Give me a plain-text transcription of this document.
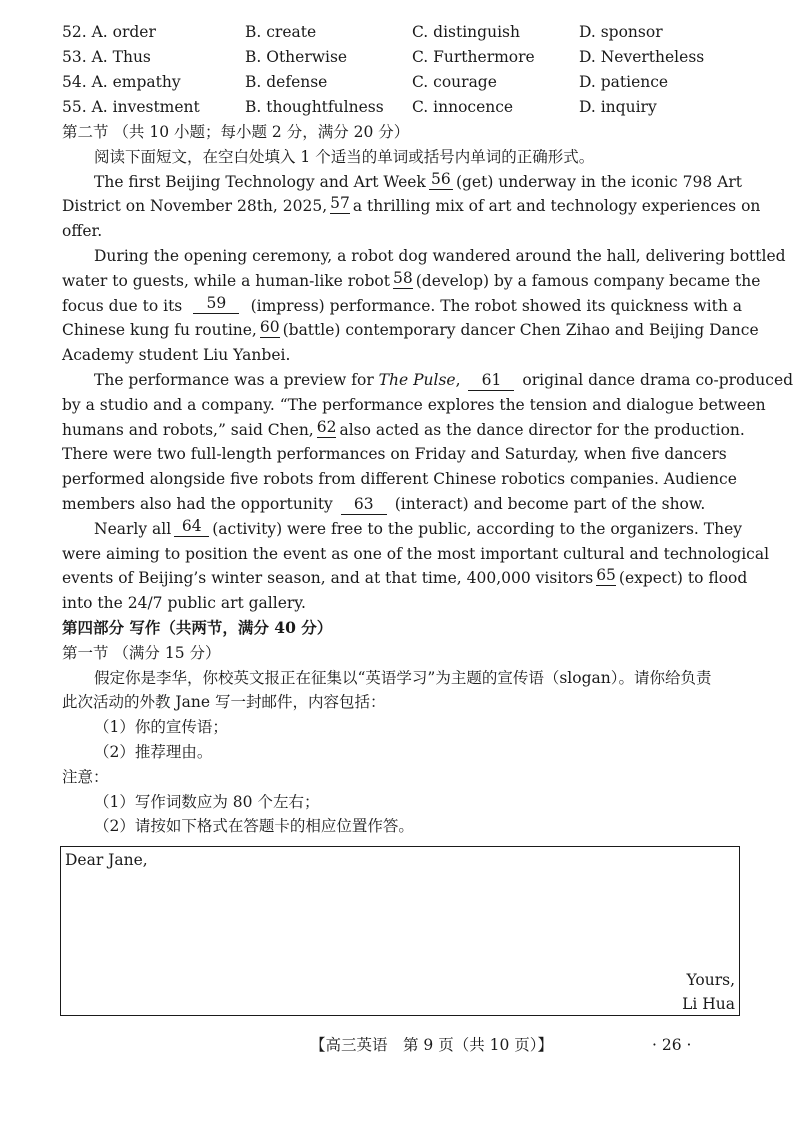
52. A. order	B. create	C. distinguish	D. sponsor
53. A. Thus	B. Otherwise	C. Furthermore	D. Nevertheless
54. A. empathy	B. defense	C. courage	D. patience
55. A. investment	B. thoughtfulness	C. innocence	D. inquiry
第二节 （共 10 小题；每小题 2 分，满分 20 分）
阅读下面短文，在空白处填入 1 个适当的单词或括号内单词的正确形式。
The first Beijing Technology and Art Week 56 (get) underway in the iconic 798 Art
District on November 28th, 2025, 57 a thrilling mix of art and technology experiences on
offer.
During the opening ceremony, a robot dog wandered around the hall, delivering bottled
water to guests, while a human-like robot 58 (develop) by a famous company became the
focus due to its	59	(impress) performance. The robot showed its quickness with a
Chinese kung fu routine, 60 (battle) contemporary dancer Chen Zihao and Beijing Dance
Academy student Liu Yanbei.
The performance was a preview for The Pulse, 61 original dance drama co-produced
by a studio and a company. “The performance explores the tension and dialogue between
humans and robots,” said Chen, 62 also acted as the dance director for the production.
There were two full-length performances on Friday and Saturday, when five dancers
performed alongside five robots from different Chinese robotics companies. Audience
members also had the opportunity 63 (interact) and become part of the show.
Nearly all 64 (activity) were free to the public, according to the organizers. They
were aiming to position the event as one of the most important cultural and technological
events of Beijing’s winter season, and at that time, 400,000 visitors 65 (expect) to flood
into the 24/7 public art gallery.
第四部分 写作（共两节，满分 40 分）
第一节 （满分 15 分）
假定你是李华，你校英文报正在征集以“英语学习”为主题的宣传语（slogan）。请你给负责
此次活动的外教 Jane 写一封邮件，内容包括：
（1）你的宣传语；
（2）推荐理由。
注意：
（1）写作词数应为 80 个左右；
（2）请按如下格式在答题卡的相应位置作答。
Dear Jane,
Yours,
Li Hua
【高三英语　第 9 页（共 10 页）】	· 26 ·
